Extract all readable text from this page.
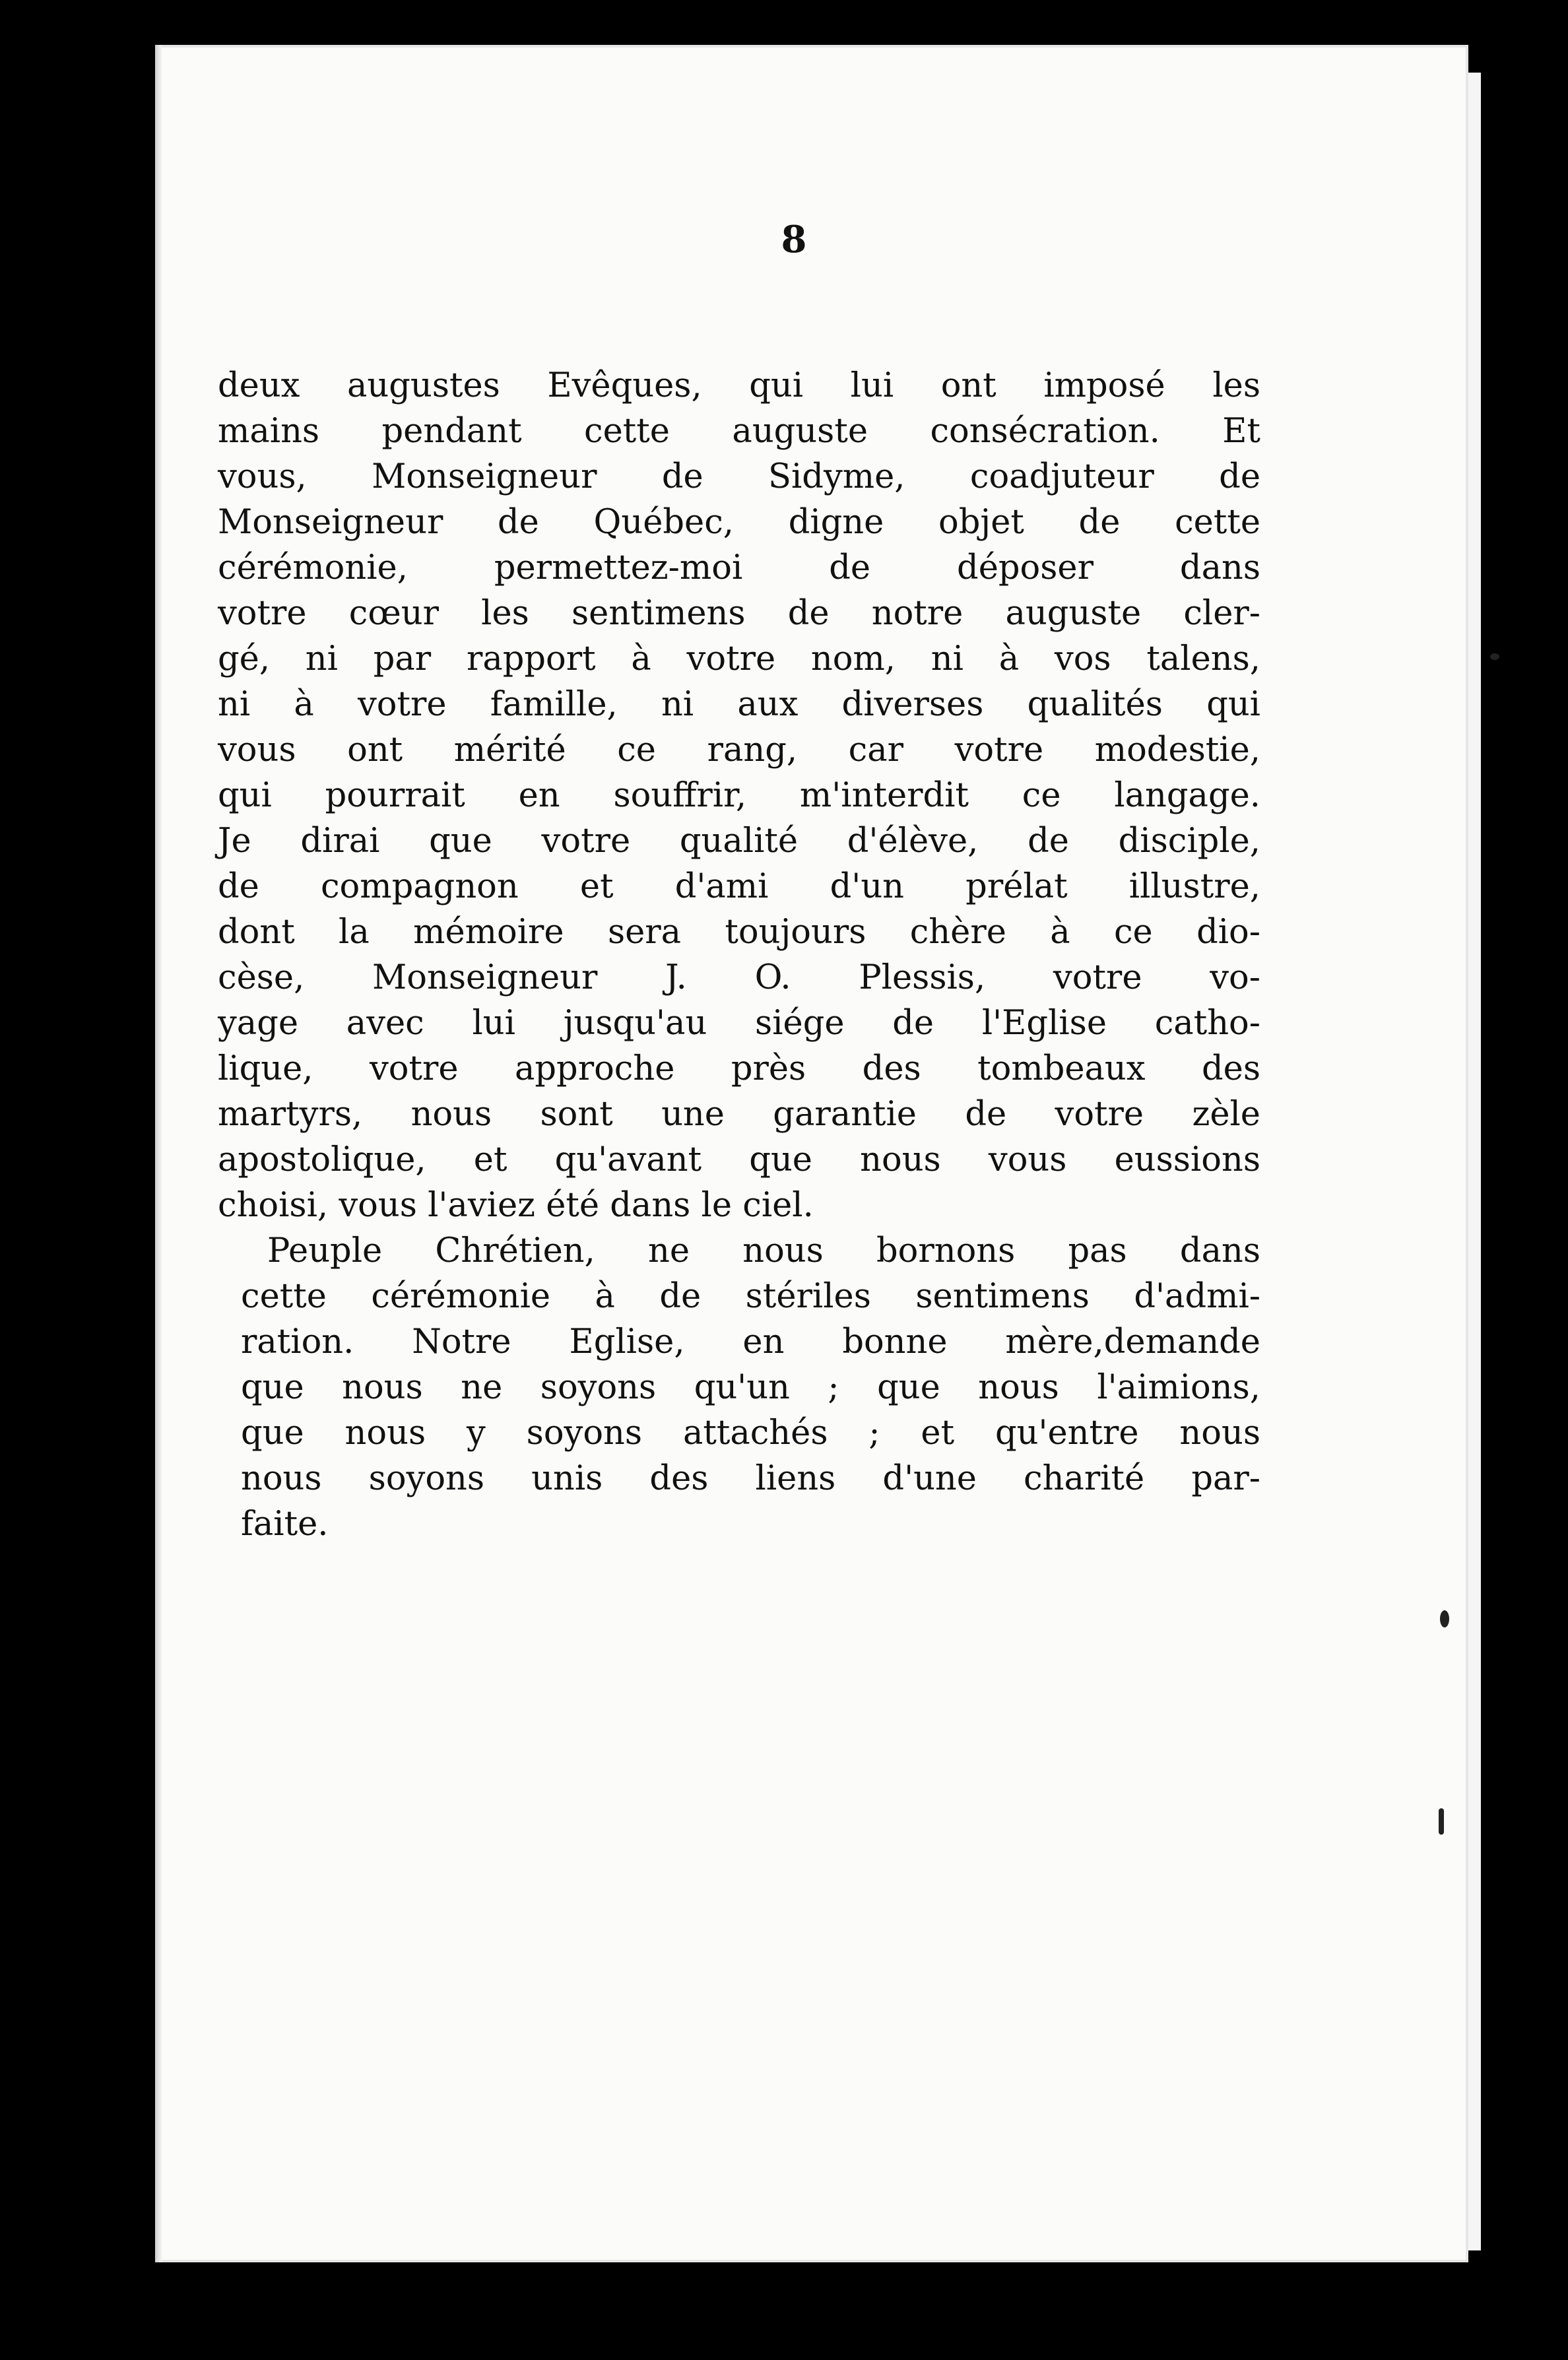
8
deux augustes Evêques, qui lui ont imposé les
mains pendant cette auguste consécration. Et
vous, Monseigneur de Sidyme, coadjuteur de
Monseigneur de Québec, digne objet de cette
cérémonie, permettez-moi de déposer dans
votre cœur les sentimens de notre auguste cler-
gé, ni par rapport à votre nom, ni à vos talens,
ni à votre famille, ni aux diverses qualités qui
vous ont mérité ce rang, car votre modestie,
qui pourrait en souffrir, m'interdit ce langage.
Je dirai que votre qualité d'élève, de disciple,
de compagnon et d'ami d'un prélat illustre,
dont la mémoire sera toujours chère à ce dio-
cèse, Monseigneur J. O. Plessis, votre vo-
yage avec lui jusqu'au siége de l'Eglise catho-
lique, votre approche près des tombeaux des
martyrs, nous sont une garantie de votre zèle
apostolique, et qu'avant que nous vous eussions
choisi, vous l'aviez été dans le ciel.
Peuple Chrétien, ne nous bornons pas dans
cette cérémonie à de stériles sentimens d'admi-
ration. Notre Eglise, en bonne mère,demande
que nous ne soyons qu'un ; que nous l'aimions,
que nous y soyons attachés ; et qu'entre nous
nous soyons unis des liens d'une charité par-
faite.
